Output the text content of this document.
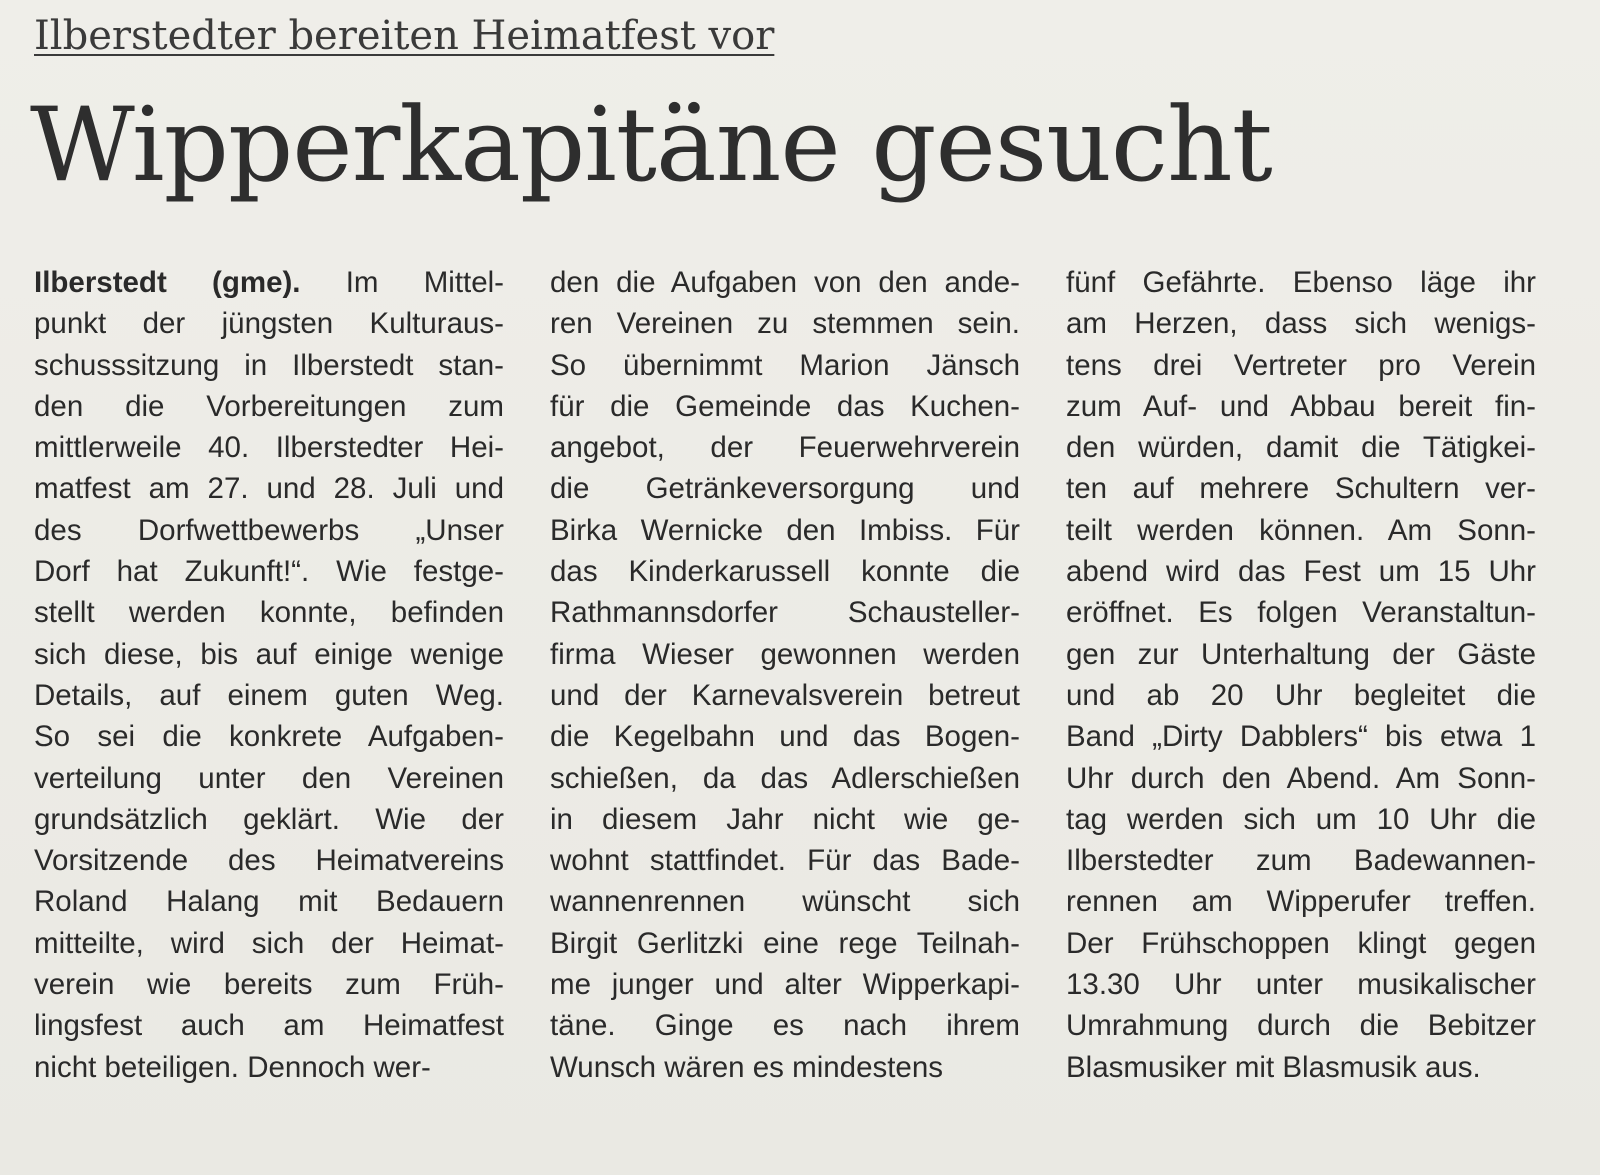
Ilberstedter bereiten Heimatfest vor
Wipperkapitäne gesucht
Ilberstedt (gme). Im Mittel-
punkt der jüngsten Kulturaus-
schusssitzung in Ilberstedt stan-
den die Vorbereitungen zum
mittlerweile 40. Ilberstedter Hei-
matfest am 27. und 28. Juli und
des Dorfwettbewerbs „Unser
Dorf hat Zukunft!“. Wie festge-
stellt werden konnte, befinden
sich diese, bis auf einige wenige
Details, auf einem guten Weg.
So sei die konkrete Aufgaben-
verteilung unter den Vereinen
grundsätzlich geklärt. Wie der
Vorsitzende des Heimatvereins
Roland Halang mit Bedauern
mitteilte, wird sich der Heimat-
verein wie bereits zum Früh-
lingsfest auch am Heimatfest
nicht beteiligen. Dennoch wer-
den die Aufgaben von den ande-
ren Vereinen zu stemmen sein.
So übernimmt Marion Jänsch
für die Gemeinde das Kuchen-
angebot, der Feuerwehrverein
die Getränkeversorgung und
Birka Wernicke den Imbiss. Für
das Kinderkarussell konnte die
Rathmannsdorfer Schausteller-
firma Wieser gewonnen werden
und der Karnevalsverein betreut
die Kegelbahn und das Bogen-
schießen, da das Adlerschießen
in diesem Jahr nicht wie ge-
wohnt stattfindet. Für das Bade-
wannenrennen wünscht sich
Birgit Gerlitzki eine rege Teilnah-
me junger und alter Wipperkapi-
täne. Ginge es nach ihrem
Wunsch wären es mindestens
fünf Gefährte. Ebenso läge ihr
am Herzen, dass sich wenigs-
tens drei Vertreter pro Verein
zum Auf- und Abbau bereit fin-
den würden, damit die Tätigkei-
ten auf mehrere Schultern ver-
teilt werden können. Am Sonn-
abend wird das Fest um 15 Uhr
eröffnet. Es folgen Veranstaltun-
gen zur Unterhaltung der Gäste
und ab 20 Uhr begleitet die
Band „Dirty Dabblers“ bis etwa 1
Uhr durch den Abend. Am Sonn-
tag werden sich um 10 Uhr die
Ilberstedter zum Badewannen-
rennen am Wipperufer treffen.
Der Frühschoppen klingt gegen
13.30 Uhr unter musikalischer
Umrahmung durch die Bebitzer
Blasmusiker mit Blasmusik aus.
